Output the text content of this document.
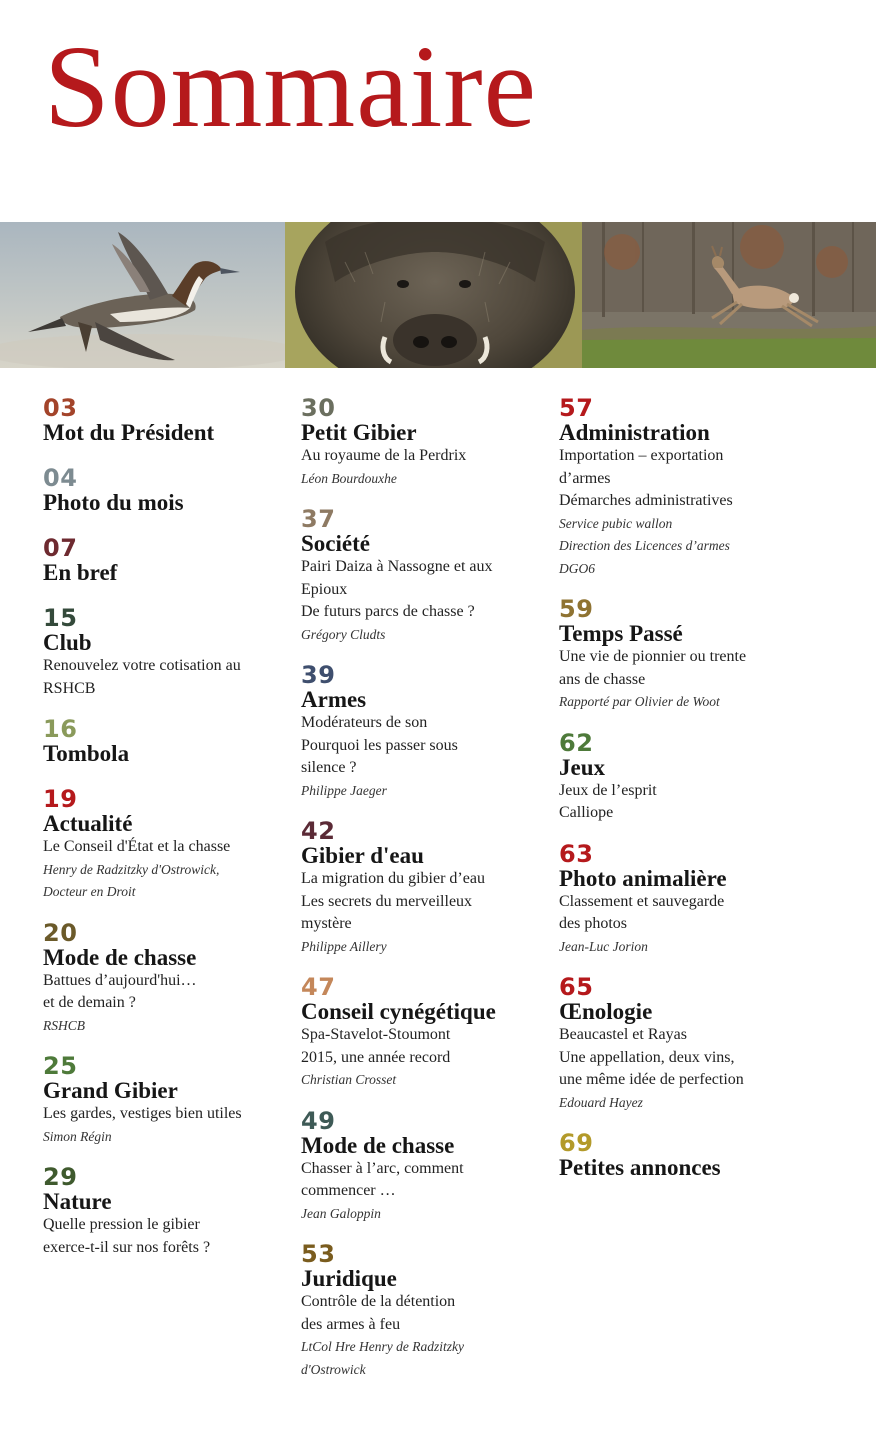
Sommaire
03
Mot du Président
04
Photo du mois
07
En bref
15
Club
Renouvelez votre cotisation au
RSHCB
16
Tombola
19
Actualité
Le Conseil d'État et la chasse
Henry de Radzitzky d'Ostrowick,
Docteur en Droit
20
Mode de chasse
Battues d’aujourd'hui…
et de demain ?
RSHCB
25
Grand Gibier
Les gardes, vestiges bien utiles
Simon Régin
29
Nature
Quelle pression le gibier
exerce-t-il sur nos forêts ?
30
Petit Gibier
Au royaume de la Perdrix
Léon Bourdouxhe
37
Société
Pairi Daiza à Nassogne et aux
Epioux
De futurs parcs de chasse ?
Grégory Cludts
39
Armes
Modérateurs de son
Pourquoi les passer sous
silence ?
Philippe Jaeger
42
Gibier d'eau
La migration du gibier d’eau
Les secrets du merveilleux
mystère
Philippe Aillery
47
Conseil cynégétique
Spa-Stavelot-Stoumont
2015, une année record
Christian Crosset
49
Mode de chasse
Chasser à l’arc, comment
commencer …
Jean Galoppin
53
Juridique
Contrôle de la détention
des armes à feu
LtCol Hre Henry de Radzitzky
d'Ostrowick
57
Administration
Importation – exportation
d’armes
Démarches administratives
Service pubic wallon
Direction des Licences d’armes
DGO6
59
Temps Passé
Une vie de pionnier ou trente
ans de chasse
Rapporté par Olivier de Woot
62
Jeux
Jeux de l’esprit
Calliope
63
Photo animalière
Classement et sauvegarde
des photos
Jean-Luc Jorion
65
Œnologie
Beaucastel et Rayas
Une appellation, deux vins,
une même idée de perfection
Edouard Hayez
69
Petites annonces
